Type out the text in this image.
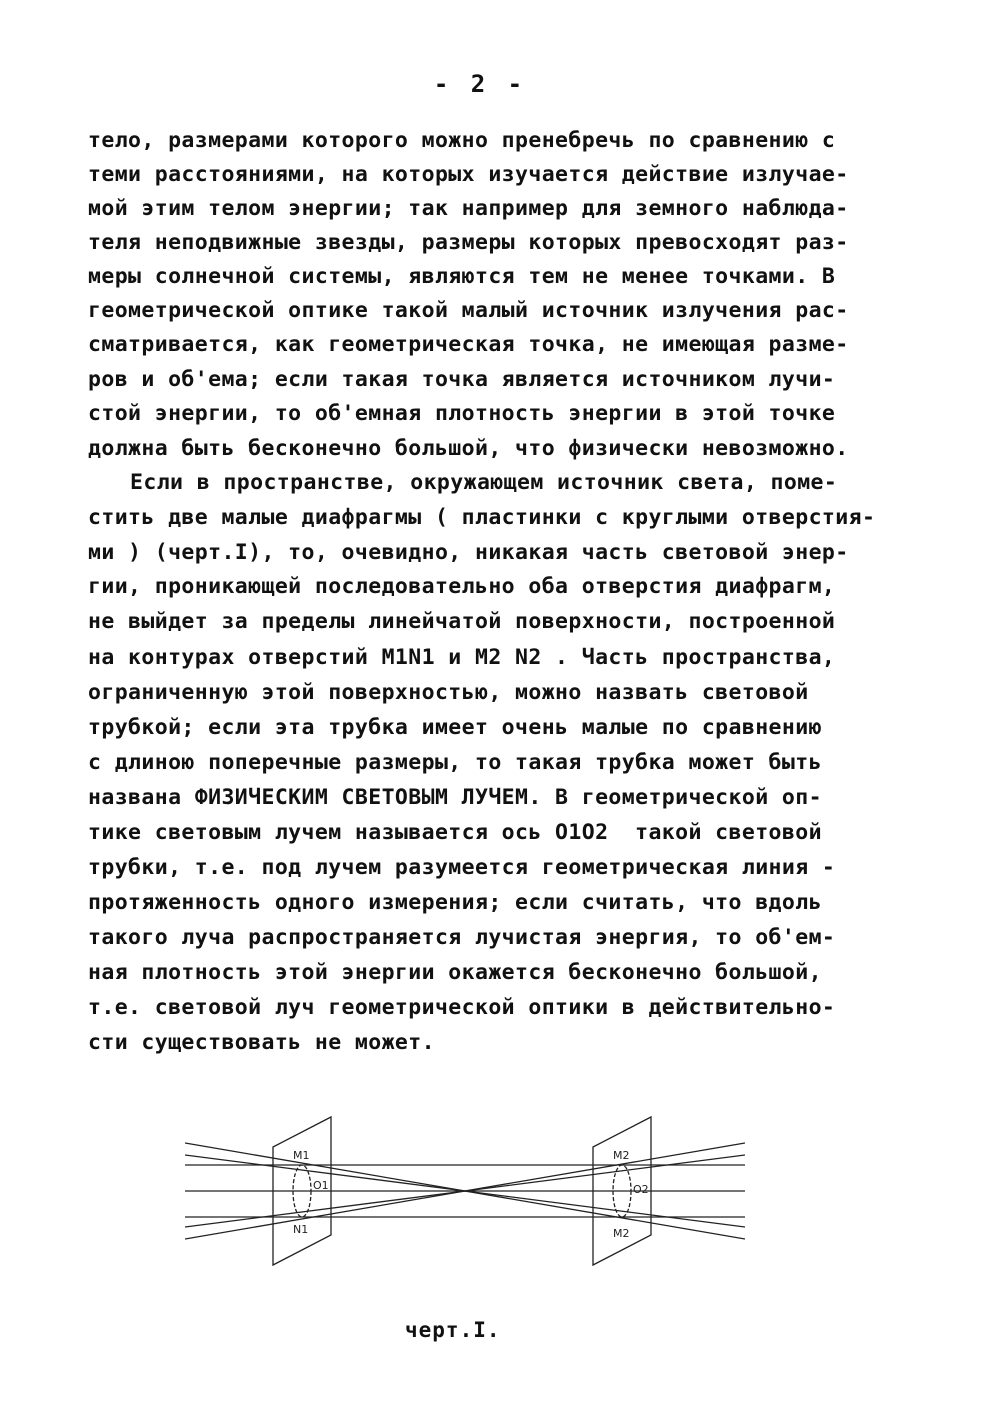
- 2 -
тело, размерами которого можно пренебречь по сравнению с
теми расстояниями, на которых изучается действие излучае-
мой этим телом энергии; так например для земного наблюда-
теля неподвижные звезды, размеры которых превосходят раз-
меры солнечной системы, являются тем не менее точками. В
геометрической оптике такой малый источник излучения рас-
сматривается, как геометрическая точка, не имеющая разме-
ров и об'ема; если такая точка является источником лучи-
стой энергии, то об'емная плотность энергии в этой точке
должна быть бесконечно большой, что физически невозможно.
Если в пространстве, окружающем источник света, поме-
стить две малые диафрагмы ( пластинки с круглыми отверстия-
ми ) (черт.I), то, очевидно, никакая часть световой энер-
гии, проникающей последовательно оба отверстия диафрагм,
не выйдет за пределы линейчатой поверхности, построенной
на контурах отверстий M1N1 и M2 N2 . Часть пространства,
ограниченную этой поверхностью, можно назвать световой
трубкой; если эта трубка имеет очень малые по сравнению
с длиною поперечные размеры, то такая трубка может быть
названа ФИЗИЧЕСКИМ СВЕТОВЫМ ЛУЧЕМ. В геометрической оп-
тике световым лучем называется ось O1O2  такой световой
трубки, т.е. под лучем разумеется геометрическая линия -
протяженность одного измерения; если считать, что вдоль
такого луча распространяется лучистая энергия, то об'ем-
ная плотность этой энергии окажется бесконечно большой,
т.е. световой луч геометрической оптики в действительно-
сти существовать не может.
M1
O1
N1
M2
O2
M2
черт.I.
